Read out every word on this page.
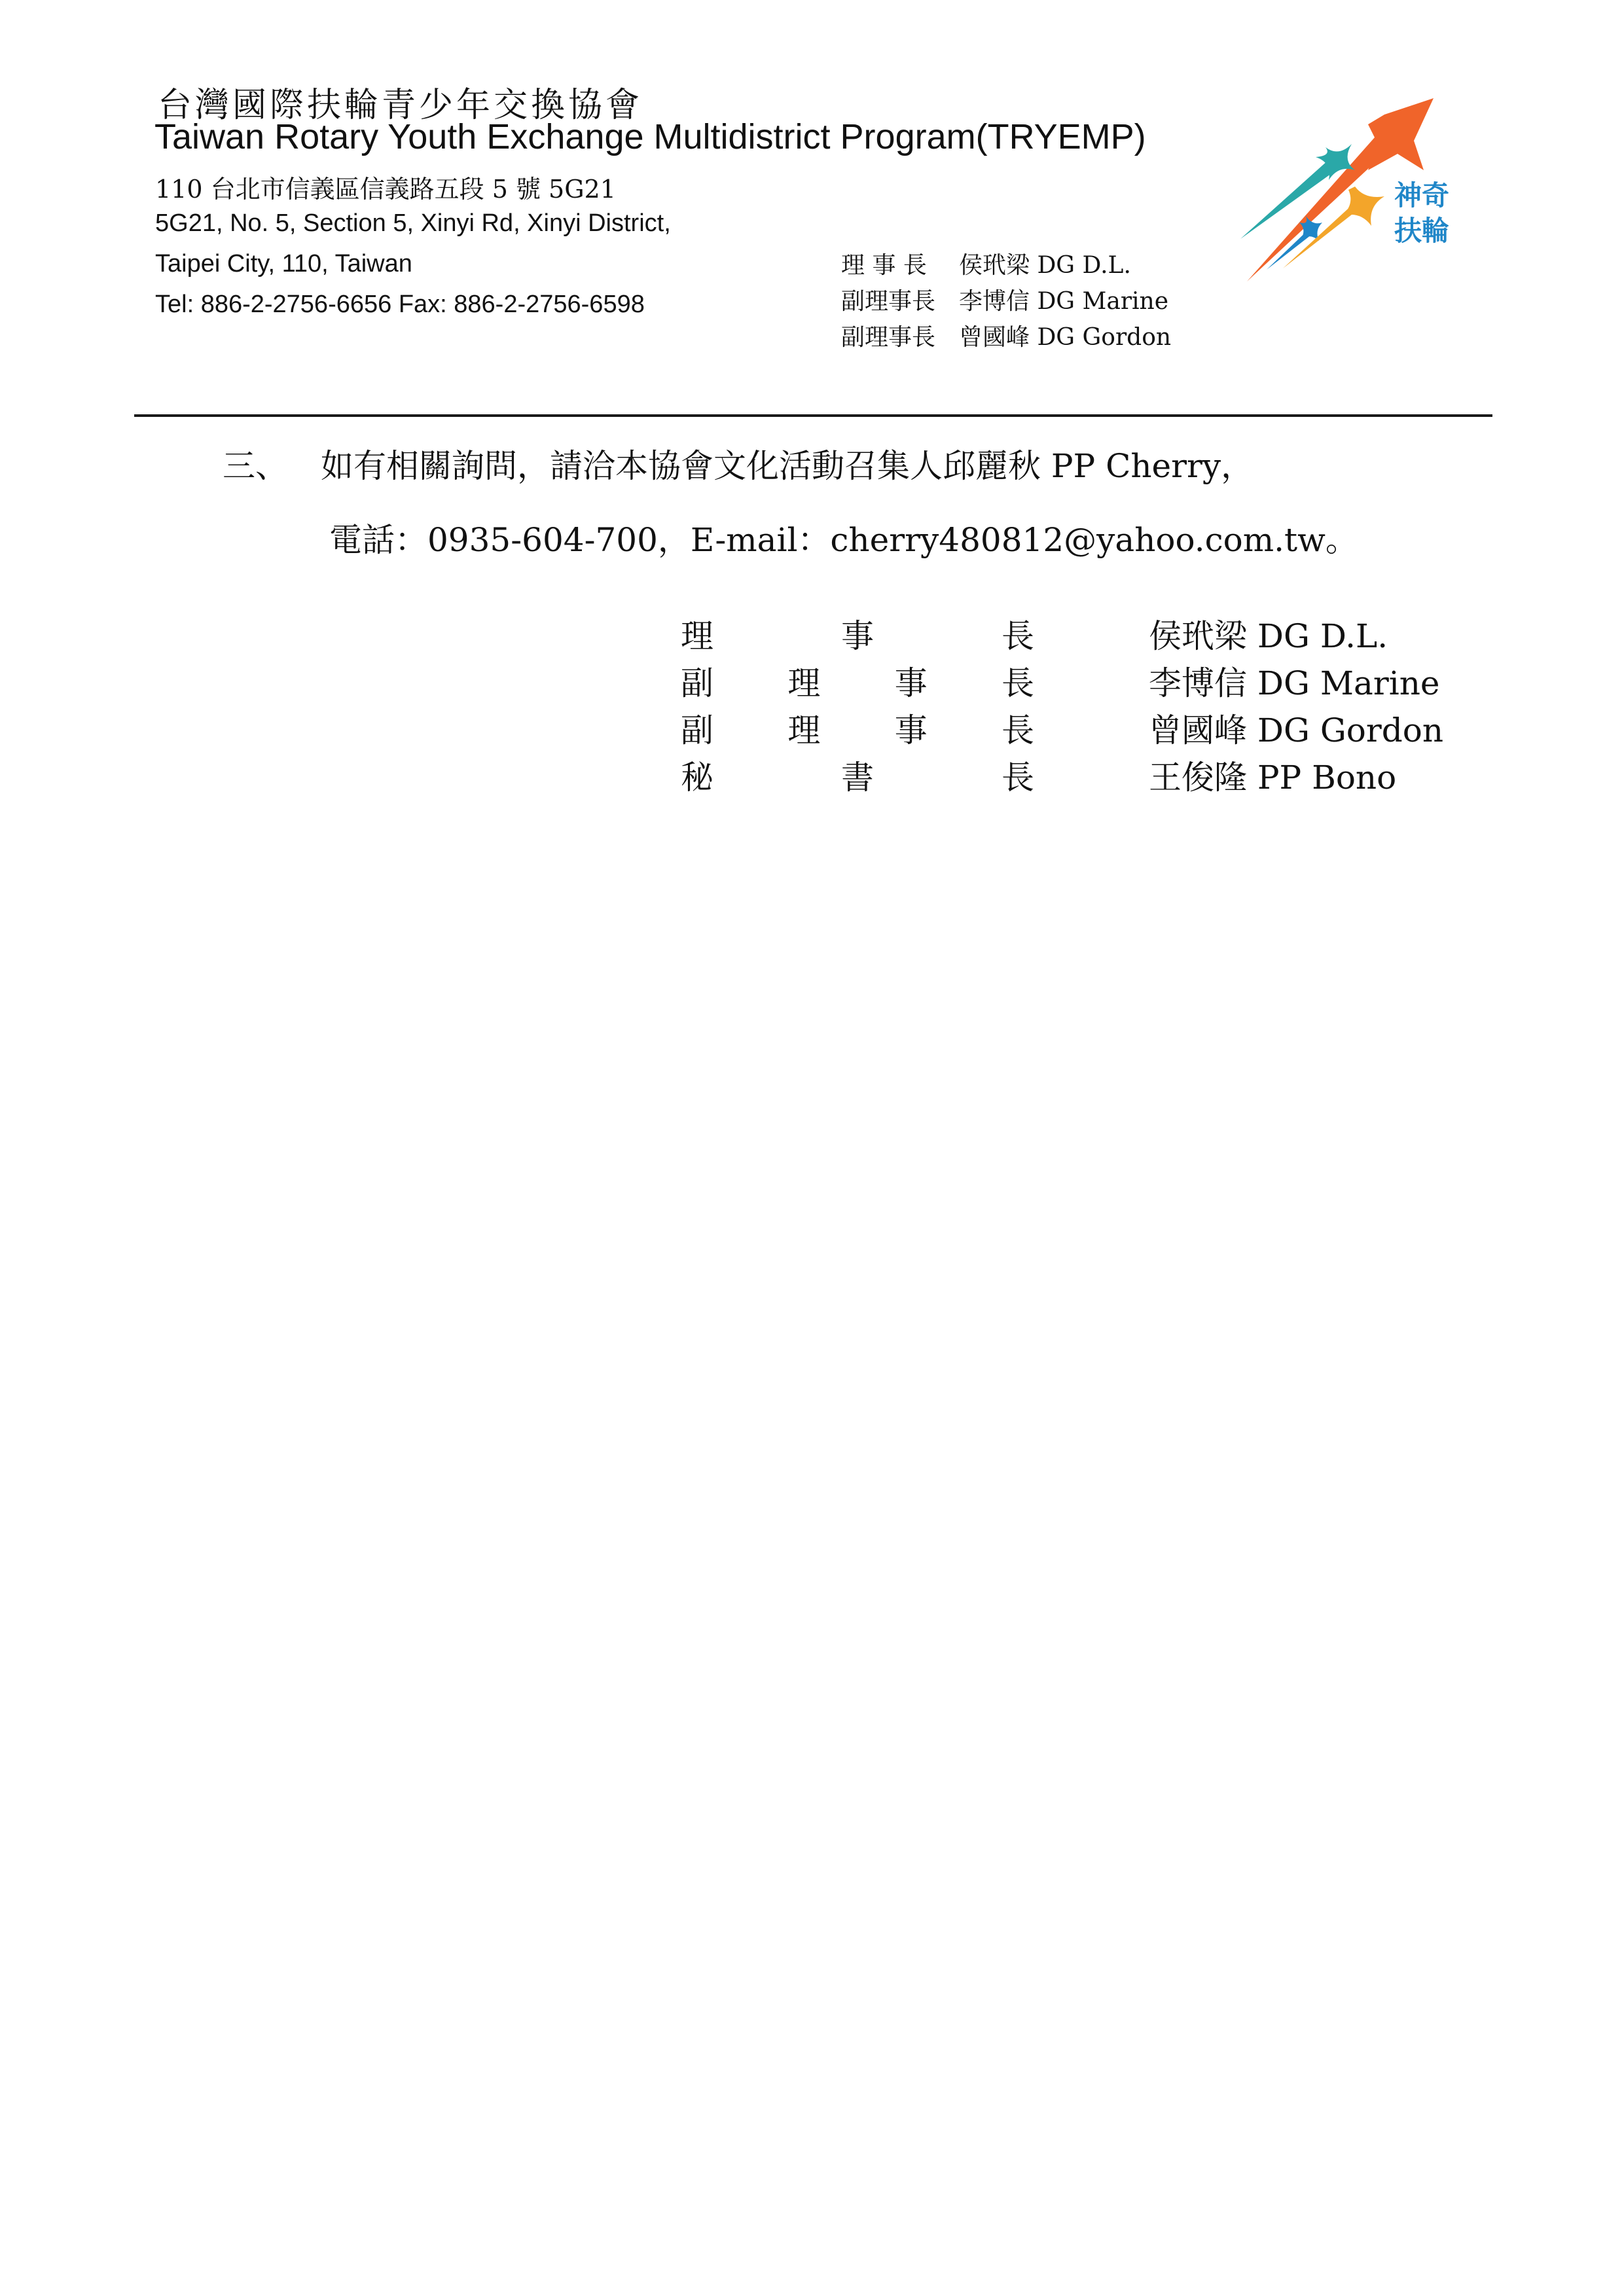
台灣國際扶輪青少年交換協會
Taiwan Rotary Youth Exchange Multidistrict Program(TRYEMP)
110 台北市信義區信義路五段 5 號 5G21
5G21, No. 5, Section 5, Xinyi Rd, Xinyi District,
Taipei City, 110, Taiwan
Tel: 886-2-2756-6656 Fax: 886-2-2756-6598
理 事 長 侯玳梁 DG D.L.
副理事長 李博信 DG Marine
副理事長 曾國峰 DG Gordon
神奇
扶輪
三、 如有相關詢問，請洽本協會文化活動召集人邱麗秋 PP Cherry，
電話：0935-604-700，E-mail：cherry480812@yahoo.com.tw。
理	事	長	侯玳梁 DG D.L.
副 理 事 長	李博信 DG Marine
副 理 事 長	曾國峰 DG Gordon
秘	書	長	王俊隆 PP Bono
